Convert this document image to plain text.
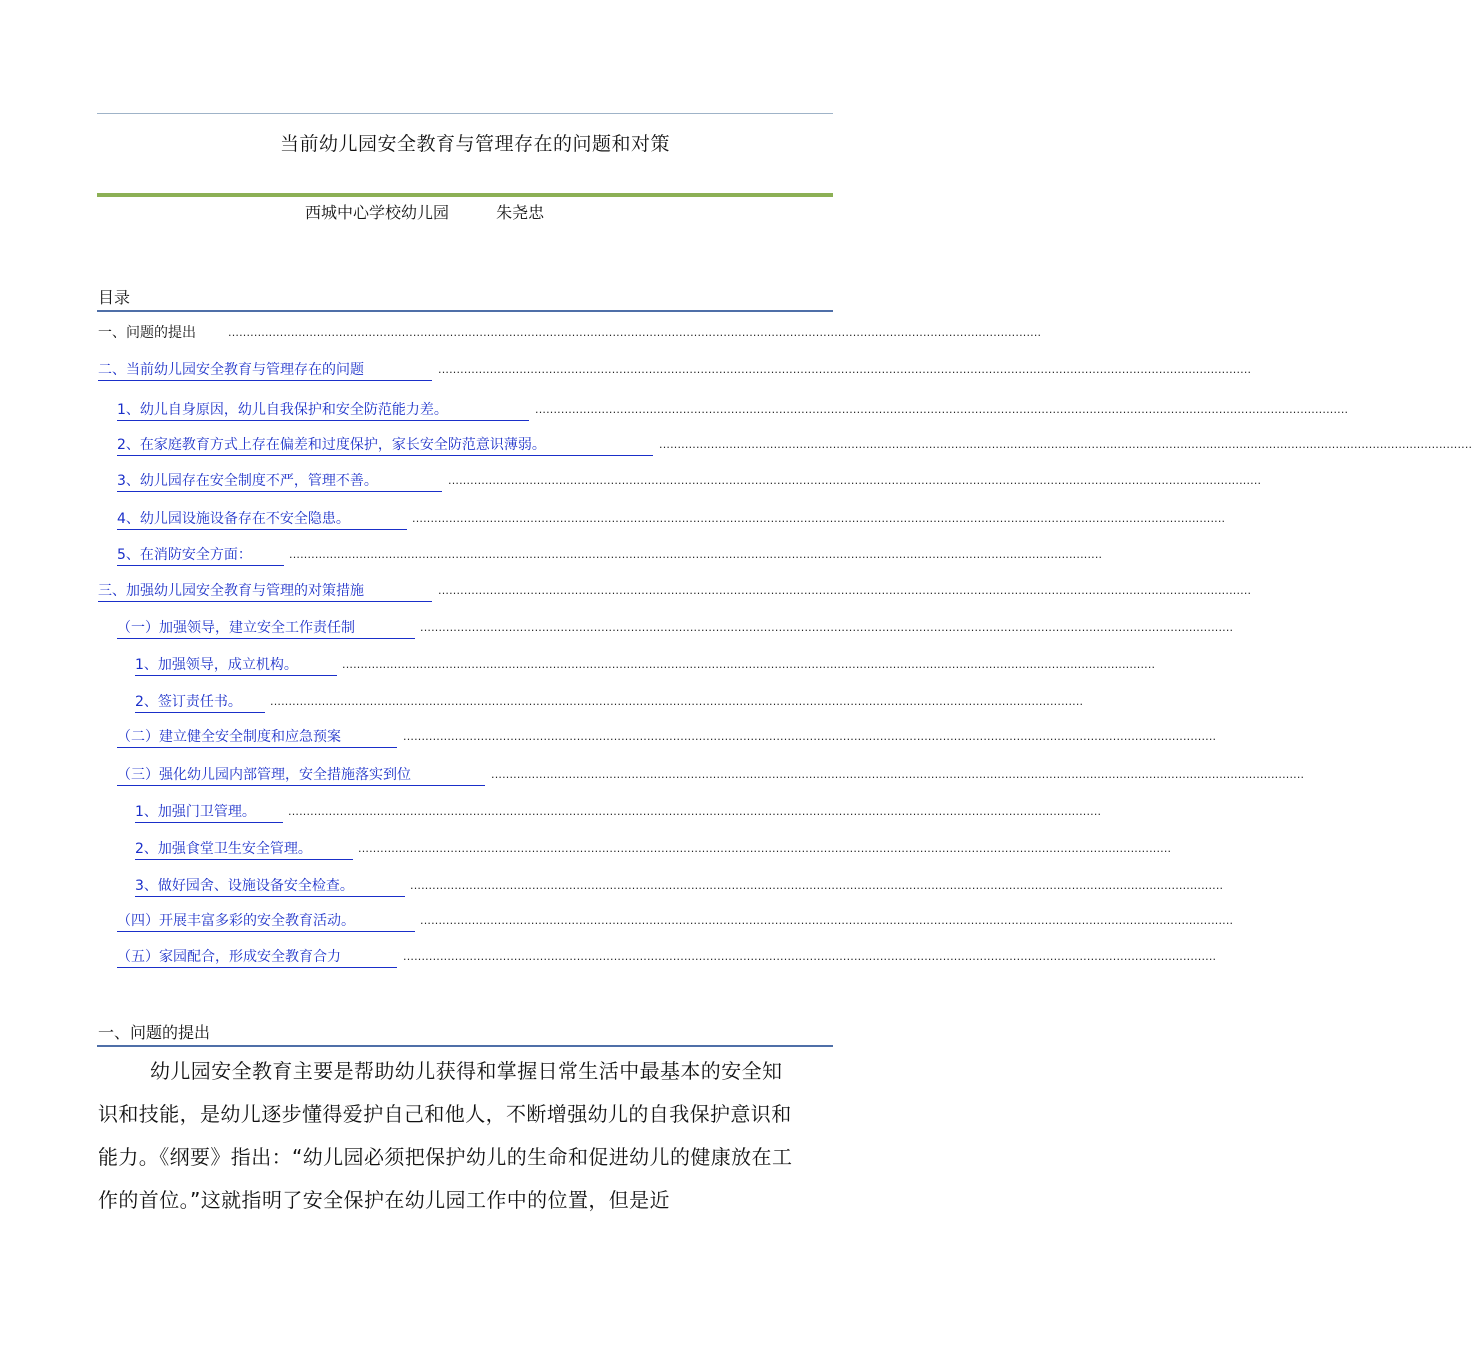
当前幼儿园安全教育与管理存在的问题和对策
西城中心学校幼儿园	朱尧忠
目录
一、问题的提出	............................................................................................................................................................................................................................
二、当前幼儿园安全教育与管理存在的问题	............................................................................................................................................................................................................................
1、幼儿自身原因，幼儿自我保护和安全防范能力差。	............................................................................................................................................................................................................................
2、在家庭教育方式上存在偏差和过度保护，家长安全防范意识薄弱。	............................................................................................................................................................................................................................
3、幼儿园存在安全制度不严，管理不善。	............................................................................................................................................................................................................................
4、幼儿园设施设备存在不安全隐患。	............................................................................................................................................................................................................................
5、在消防安全方面：	............................................................................................................................................................................................................................
三、加强幼儿园安全教育与管理的对策措施	............................................................................................................................................................................................................................
（一）加强领导，建立安全工作责任制	............................................................................................................................................................................................................................
1、加强领导，成立机构。	............................................................................................................................................................................................................................
2、签订责任书。	............................................................................................................................................................................................................................
（二）建立健全安全制度和应急预案	............................................................................................................................................................................................................................
（三）强化幼儿园内部管理，安全措施落实到位	............................................................................................................................................................................................................................
1、加强门卫管理。	............................................................................................................................................................................................................................
2、加强食堂卫生安全管理。	............................................................................................................................................................................................................................
3、做好园舍、设施设备安全检查。	............................................................................................................................................................................................................................
（四）开展丰富多彩的安全教育活动。	............................................................................................................................................................................................................................
（五）家园配合，形成安全教育合力	............................................................................................................................................................................................................................
一、问题的提出
幼儿园安全教育主要是帮助幼儿获得和掌握日常生活中最基本的安全知识和技能，是幼儿逐步懂得爱护自己和他人，不断增强幼儿的自我保护意识和能力。《纲要》指出：“幼儿园必须把保护幼儿的生命和促进幼儿的健康放在工作的首位。”这就指明了安全保护在幼儿园工作中的位置，但是近
